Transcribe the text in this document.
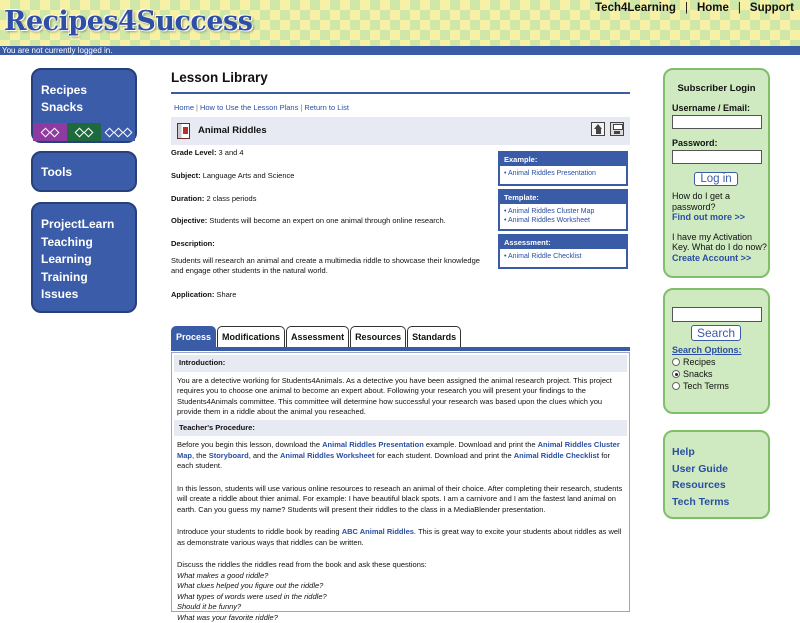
Recipes4Success	Tech4Learning | Home | Support
You are not currently logged in.
Recipes
Snacks
Tools
ProjectLearn
Teaching
Learning
Training
Issues
Lesson Library
Home | How to Use the Lesson Plans | Return to List
Animal Riddles
Grade Level: 3 and 4
Subject: Language Arts and Science
Duration: 2 class periods
Objective: Students will become an expert on one animal through online research.
Description:
Students will research an animal and create a multimedia riddle to showcase their knowledge and engage other students in the natural world.
Application: Share
Example:
• Animal Riddles Presentation
Template:
• Animal Riddles Cluster Map
• Animal Riddles Worksheet
Assessment:
• Animal Riddle Checklist
Process	Modifications	Assessment	Resources	Standards
Introduction:

You are a detective working for Students4Animals. As a detective you have been assigned the animal research project. This project requires you to choose one animal to become an expert about. Following your research you will present your findings to the Students4Animals committee. This committee will determine how successful your research was based upon the clues which you provide them in a riddle about the animal you reseached.

Teacher's Procedure:

Before you begin this lesson, download the Animal Riddles Presentation example. Download and print the Animal Riddles Cluster Map, the Storyboard, and the Animal Riddles Worksheet for each student. Download and print the Animal Riddle Checklist for each student.

In this lesson, students will use various online resources to reseach an animal of their choice. After completing their research, students will create a riddle about thier animal. For example: I have beautiful black spots. I am a carnivore and I am the fastest land animal on earth. Can you guess my name? Students will present their riddles to the class in a MediaBlender presentation.

Introduce your students to riddle book by reading ABC Animal Riddles. This is great way to excite your students about riddles as well as demonstrate various ways that riddles can be written.

Discuss the riddles the riddles read from the book and ask these questions:
What makes a good riddle?
What clues helped you figure out the riddle?
What types of words were used in the riddle?
Should it be funny?
What was your favorite riddle?

Subscriber Login
Username / Email:
Password:
Log in

How do I get a password?

Find out more >>

I have my Activation Key. What do I do now?

Create Account >>

Search
Search Options:
Recipes
Snacks
Tech Terms
Help
User Guide
Resources
Tech Terms
